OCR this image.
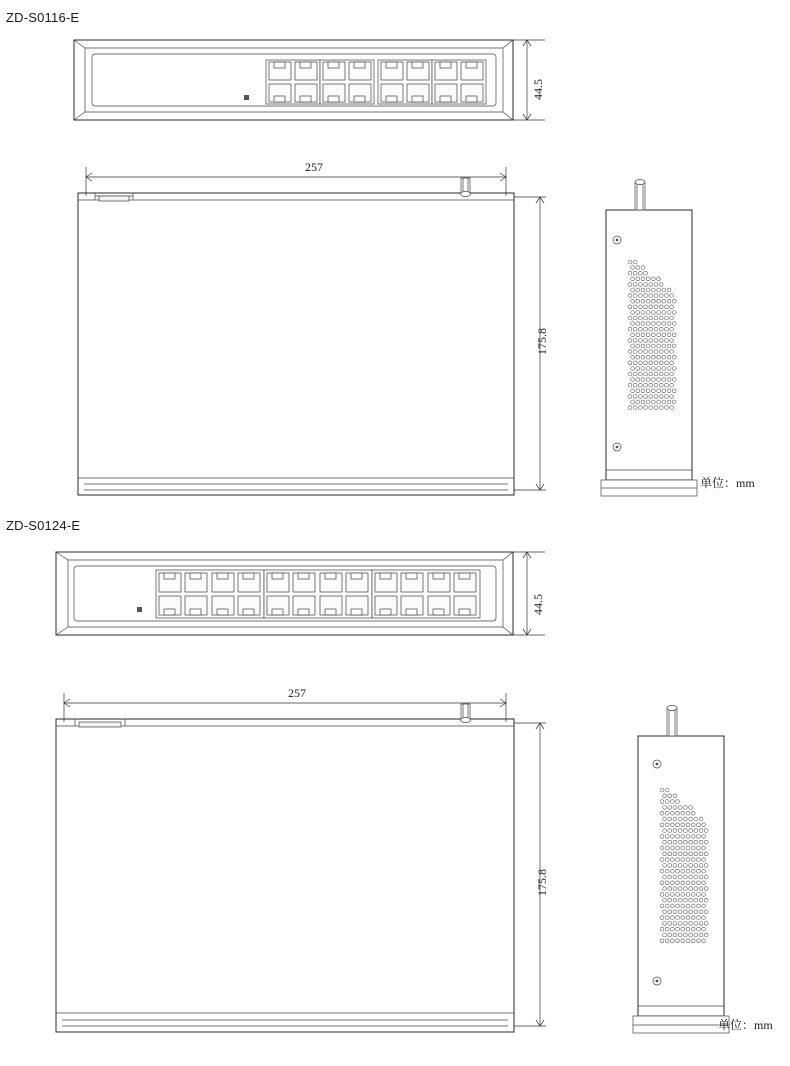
ZD-S0116-E
44.5
257
175.8
单位：mm
ZD-S0124-E
44.5
257
175.8
单位：mm
